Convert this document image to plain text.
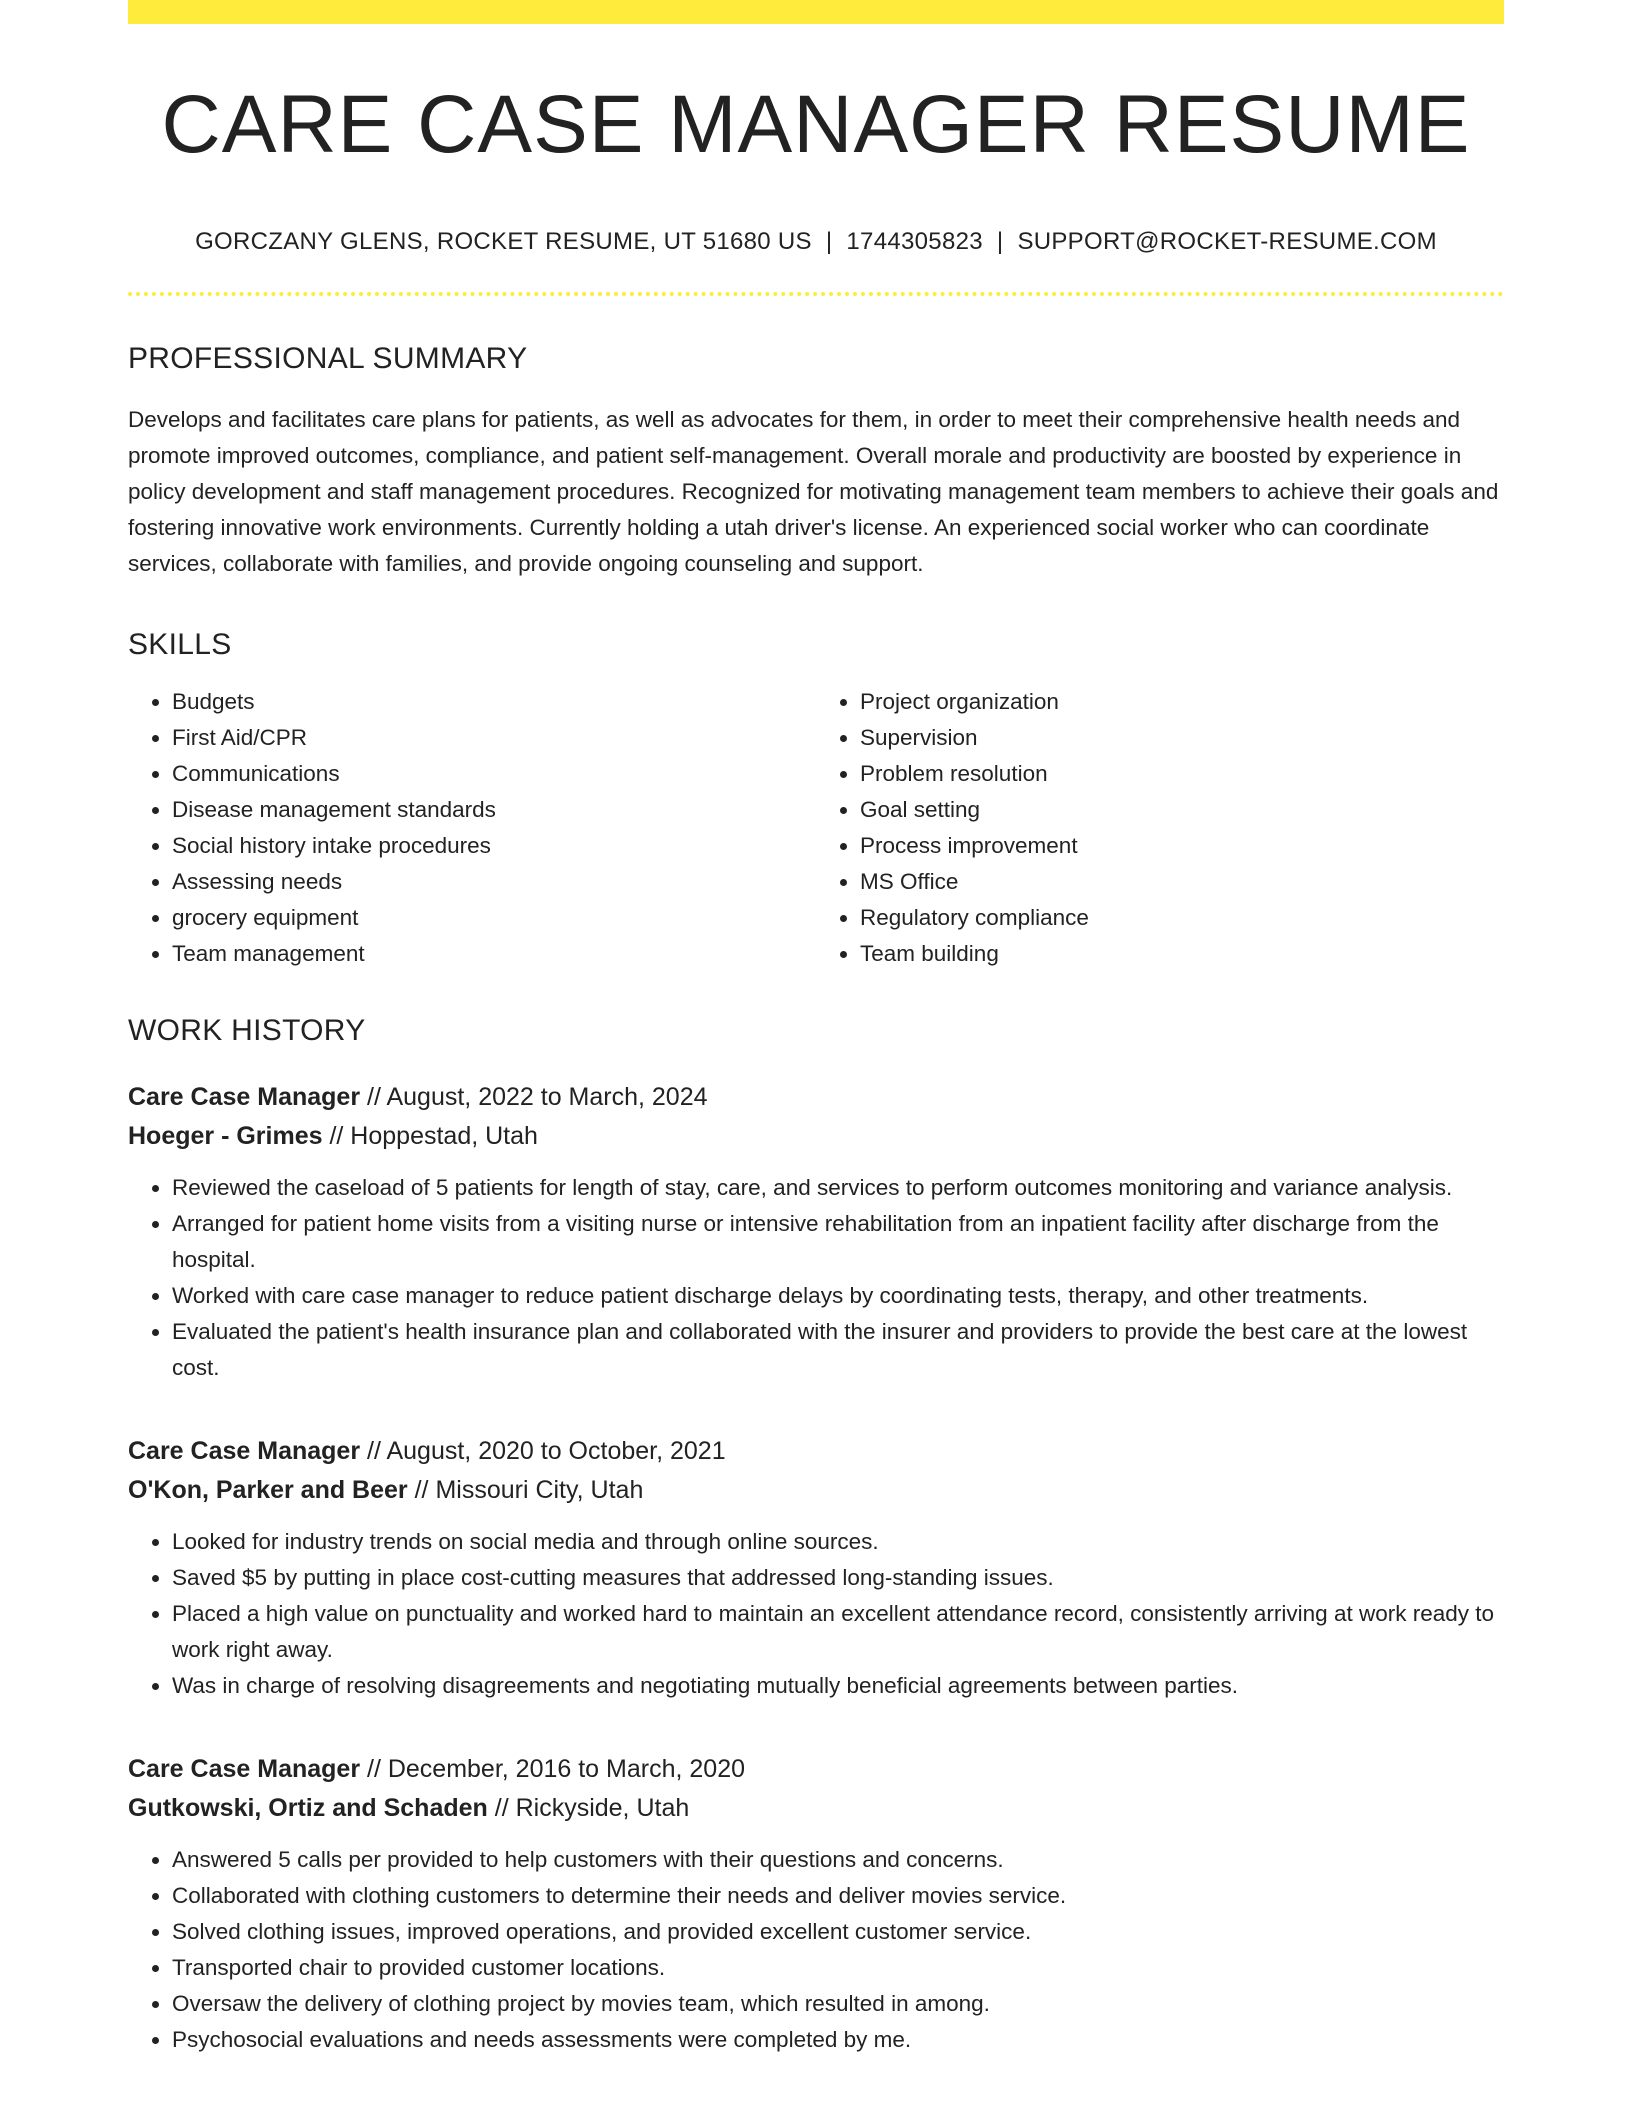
CARE CASE MANAGER RESUME
GORCZANY GLENS, ROCKET RESUME, UT 51680 US | 1744305823 | SUPPORT@ROCKET-RESUME.COM
PROFESSIONAL SUMMARY
Develops and facilitates care plans for patients, as well as advocates for them, in order to meet their comprehensive health needs and promote improved outcomes, compliance, and patient self-management. Overall morale and productivity are boosted by experience in policy development and staff management procedures. Recognized for motivating management team members to achieve their goals and fostering innovative work environments. Currently holding a utah driver's license. An experienced social worker who can coordinate services, collaborate with families, and provide ongoing counseling and support.
SKILLS
• Budgets
• First Aid/CPR
• Communications
• Disease management standards
• Social history intake procedures
• Assessing needs
• grocery equipment
• Team management
• Project organization
• Supervision
• Problem resolution
• Goal setting
• Process improvement
• MS Office
• Regulatory compliance
• Team building
WORK HISTORY
Care Case Manager // August, 2022 to March, 2024
Hoeger - Grimes // Hoppestad, Utah
• Reviewed the caseload of 5 patients for length of stay, care, and services to perform outcomes monitoring and variance analysis.
• Arranged for patient home visits from a visiting nurse or intensive rehabilitation from an inpatient facility after discharge from the hospital.
• Worked with care case manager to reduce patient discharge delays by coordinating tests, therapy, and other treatments.
• Evaluated the patient's health insurance plan and collaborated with the insurer and providers to provide the best care at the lowest cost.
Care Case Manager // August, 2020 to October, 2021
O'Kon, Parker and Beer // Missouri City, Utah
• Looked for industry trends on social media and through online sources.
• Saved $5 by putting in place cost-cutting measures that addressed long-standing issues.
• Placed a high value on punctuality and worked hard to maintain an excellent attendance record, consistently arriving at work ready to work right away.
• Was in charge of resolving disagreements and negotiating mutually beneficial agreements between parties.
Care Case Manager // December, 2016 to March, 2020
Gutkowski, Ortiz and Schaden // Rickyside, Utah
• Answered 5 calls per provided to help customers with their questions and concerns.
• Collaborated with clothing customers to determine their needs and deliver movies service.
• Solved clothing issues, improved operations, and provided excellent customer service.
• Transported chair to provided customer locations.
• Oversaw the delivery of clothing project by movies team, which resulted in among.
• Psychosocial evaluations and needs assessments were completed by me.
